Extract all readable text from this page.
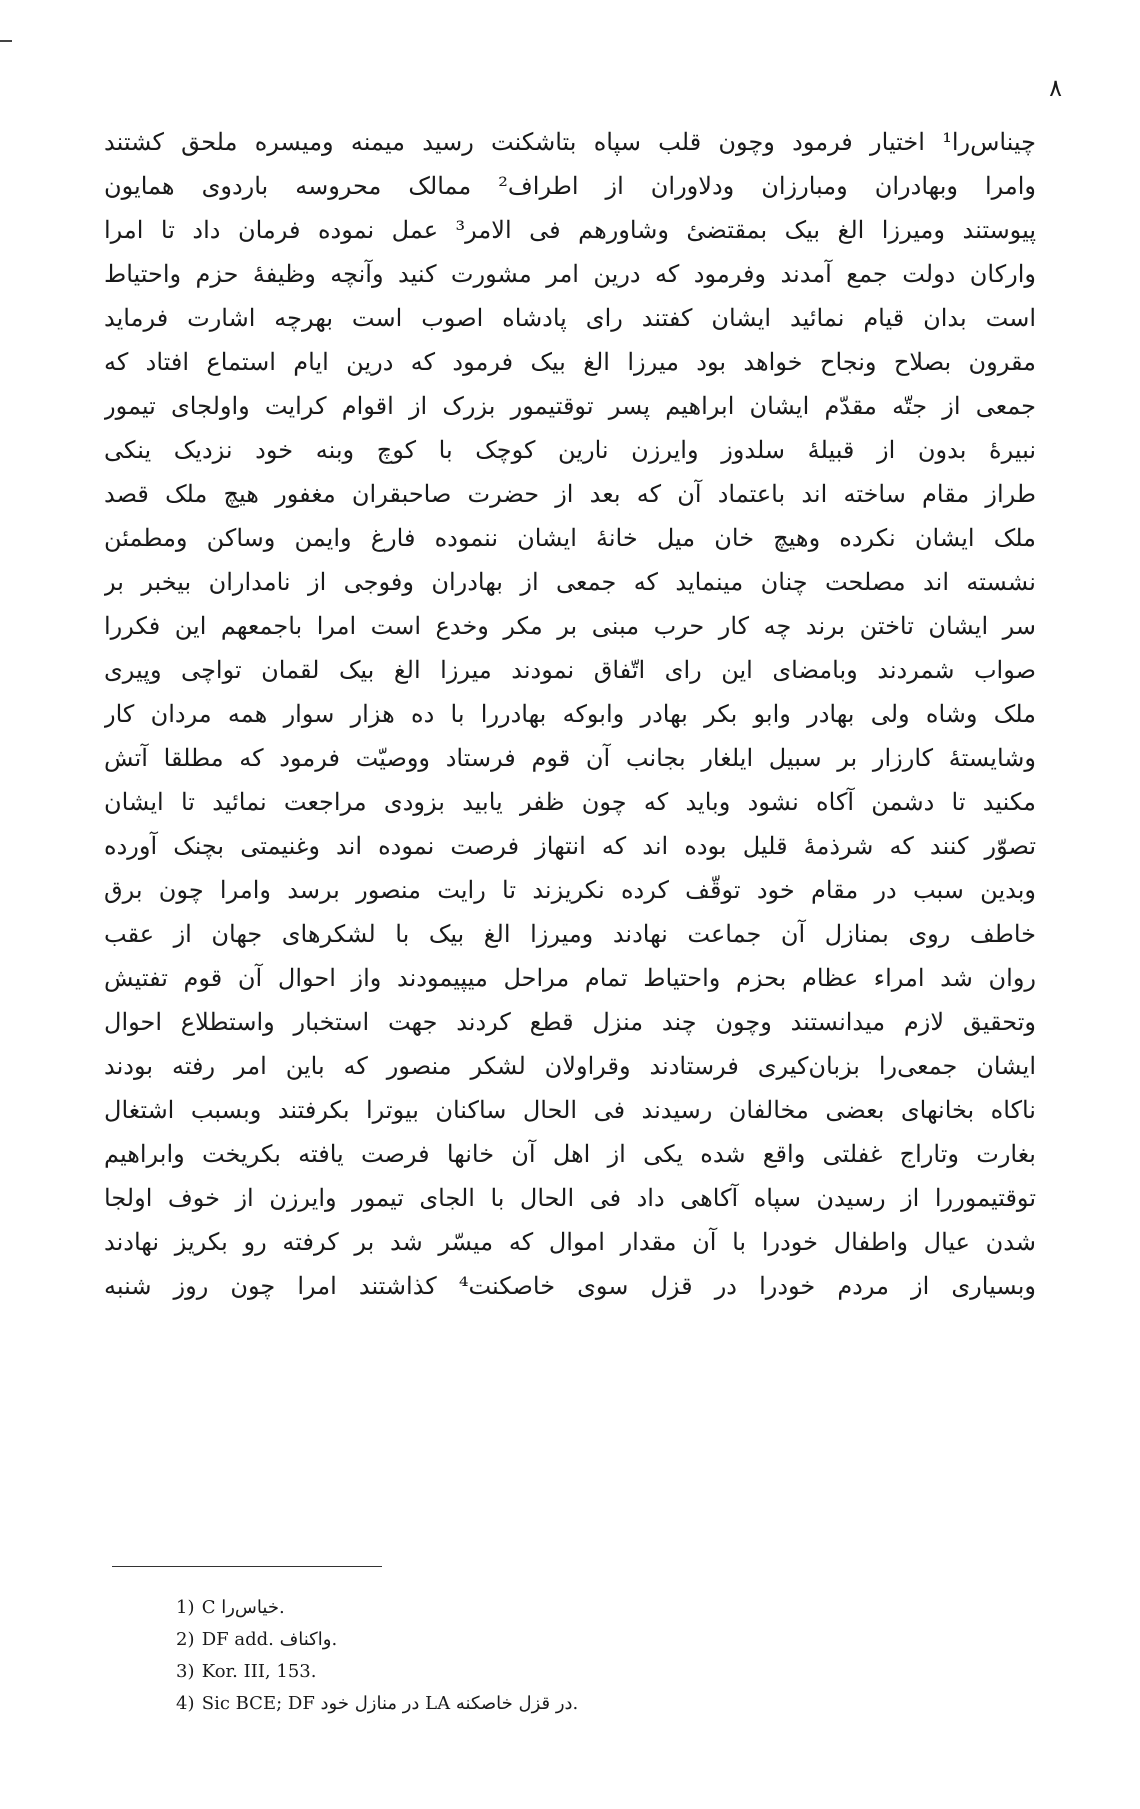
٨
چیناس‌را¹ اختیار فرمود وچون قلب سپاه بتاشکنت رسید میمنه ومیسره ملحق کشتند
وامرا وبهادران ومبارزان ودلاوران از اطراف² ممالک محروسه باردوی همایون
پیوستند ومیرزا الغ بیک بمقتضیٔ وشاورهم فی الامر³ عمل نموده فرمان داد تا امرا
وارکان دولت جمع آمدند وفرمود که درین امر مشورت کنید وآنچه وظیفهٔ حزم واحتیاط
است بدان قیام نمائید ایشان کفتند رای پادشاه اصوب است بهرچه اشارت فرماید
مقرون بصلاح ونجاح خواهد بود میرزا الغ بیک فرمود که درین ایام استماع افتاد که
جمعی از جتّه مقدّم ایشان ابراهیم پسر توقتیمور بزرک از اقوام کرایت واولجای تیمور
نبیرهٔ بدون از قبیلهٔ سلدوز وایرزن نارین کوچک با کوچ وبنه خود نزدیک ینکی
طراز مقام ساخته اند باعتماد آن که بعد از حضرت صاحبقران مغفور هیچ ملک قصد
ملک ایشان نکرده وهیچ خان میل خانهٔ ایشان ننموده فارغ وایمن وساکن ومطمئن
نشسته اند مصلحت چنان مینماید که جمعی از بهادران وفوجی از نامداران بیخبر بر
سر ایشان تاختن برند چه کار حرب مبنی بر مکر وخدع است امرا باجمعهم این فکررا
صواب شمردند وبامضای این رای اتّفاق نمودند میرزا الغ بیک لقمان تواچی وپیری
ملک وشاه ولی بهادر وابو بکر بهادر وابوکه بهادررا با ده هزار سوار همه مردان کار
وشایستهٔ کارزار بر سبیل ایلغار بجانب آن قوم فرستاد ووصیّت فرمود که مطلقا آتش
مکنید تا دشمن آکاه نشود وباید که چون ظفر یابید بزودی مراجعت نمائید تا ایشان
تصوّر کنند که شرذمهٔ قلیل بوده اند که انتهاز فرصت نموده اند وغنیمتی بچنک آورده
وبدین سبب در مقام خود توقّف کرده نکریزند تا رایت منصور برسد وامرا چون برق
خاطف روی بمنازل آن جماعت نهادند ومیرزا الغ بیک با لشکرهای جهان از عقب
روان شد امراء عظام بحزم واحتیاط تمام مراحل میپیمودند واز احوال آن قوم تفتیش
وتحقیق لازم میدانستند وچون چند منزل قطع کردند جهت استخبار واستطلاع احوال
ایشان جمعی‌را بزبان‌کیری فرستادند وقراولان لشکر منصور که باین امر رفته بودند
ناکاه بخانهای بعضی مخالفان رسیدند فی الحال ساکنان بیوترا بکرفتند وبسبب اشتغال
بغارت وتاراج غفلتی واقع شده یکی از اهل آن خانها فرصت یافته بکریخت وابراهیم
توقتیموررا از رسیدن سپاه آکاهی داد فی الحال با الجای تیمور وایرزن از خوف اولجا
شدن عیال واطفال خودرا با آن مقدار اموال که میسّر شد بر کرفته رو بکریز نهادند
وبسیاری از مردم خودرا در قزل سوی خاصکنت⁴ کذاشتند امرا چون روز شنبه
1) C خیاس‌را.
2) DF add. واکناف.
3) Kor. III, 153.
4) Sic BCE; DF در منازل خود LA در قزل خاصکنه.
